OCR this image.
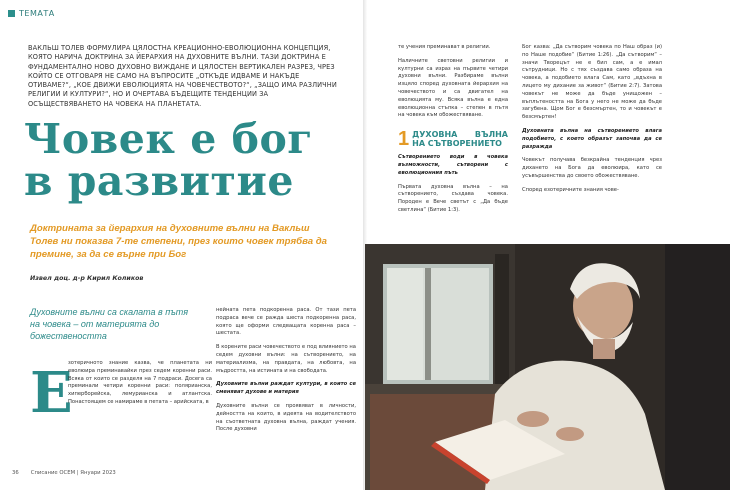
ТЕМАТА
ВАКЛЬШ ТОЛЕВ ФОРМУЛИРА ЦЯЛОСТНА КРЕАЦИОННО-ЕВОЛЮЦИОННА КОНЦЕПЦИЯ, КОЯТО НАРИЧА ДОКТРИНА ЗА ЙЕРАРХИЯ НА ДУХОВНИТЕ ВЪЛНИ. ТАЗИ ДОКТРИНА Е ФУНДАМЕНТАЛНО НОВО ДУХОВНО ВИЖДАНЕ И ЦЯЛОСТЕН ВЕРТИКАЛЕН РАЗРЕЗ, ЧРЕЗ КОЙТО СЕ ОТГОВАРЯ НЕ САМО НА ВЪПРОСИТЕ „ОТКЪДЕ ИДВАМЕ И НАКЪДЕ ОТИВАМЕ?“, „КОЕ ДВИЖИ ЕВОЛЮЦИЯТА НА ЧОВЕЧЕСТВОТО?“, „ЗАЩО ИМА РАЗЛИЧНИ РЕЛИГИИ И КУЛТУРИ?“, НО И ОЧЕРТАВА БЪДЕЩИТЕ ТЕНДЕНЦИИ ЗА ОСЪЩЕСТВЯВАНЕТО НА ЧОВЕКА НА ПЛАНЕТАТА.
Човек е бог в развитие
Доктрината за йерархия на духовните вълни на Вакльш Толев ни показва 7-те степени, през които човек трябва да премине, за да се върне при Бог
Извел доц. д-р Кирил Коликов
Духовните вълни са скалата в пътя на човека – от материята до божествеността
Е

зотеричното знание казва, че планетата ни еволюира преминавайки през седем коренни раси. Всяка от които се разделя на 7 подраси. Досега са преминали четири коренни раси: полярианска, хиперборейска, лемурианска и атлантска. Понастоящем се намираме в петата – арийската, в

нейната пета подкоренна раса. От тази пета подраса вече се ражда шеста подкоренна раса, която ще оформи следващата коренна раса – шестата.

В корените раси човечеството е под влиянието на седем духовни вълни: на сътворението, на материализма, на правдата, на любовта, на мъдростта, на истината и на свободата.

Духовните вълни раждат култури, в които се сменяват духове и материя

Духовните вълни се проявяват в личности, дейността на които, в идеята на водителството на съответната духовна вълна, раждат учения. После духовни

те учения преминават в религии.

Наличните световни религии и културни са израз на първите четири духовни вълни. Разбираме вълни изцяло според духовната йерархия на човечеството и са двигател на еволюцията му. Всяка вълна е една еволюционна стъпка – степен в пътя на човека към обожествяване.

1 ДУХОВНА ВЪЛНА НА СЪТВОРЕНИЕТО

Сътворението води в човека възможности, сътворени с еволюционния пъть

Първата духовна вълна – на сътворението, създава човека. Породен е Вече светът с „Да бъде светлина“ (Битие 1:3).

Бог казва: „Да сътворим човека по Наш образ (и) по Наше подобие“ (Битие 1:26). „Да сътворим“ – значи Творецът не е бил сам, а е имал сътрудници. Но с тях създава само образа на човека, а подобието влага Сам, като „вдъхна в лицето му дихание за живот“ (Битие 2:7). Затова човекът не може да бъде унищожен – въплътеността на Бога у него не може да бъде загубена. Щом Бог е безсмъртен, то и човекът е безсмъртен!

Духовната вълна на сътворението влага подобието, с което образът започва да се разражда

Човекът получава безкрайна тенденция чрез дихането на Бога да еволюира, като се усъвършенства до своето обожествяване.

Според езотеричните знания чове-

36 Списание ОСЕМ | Януари 2023
